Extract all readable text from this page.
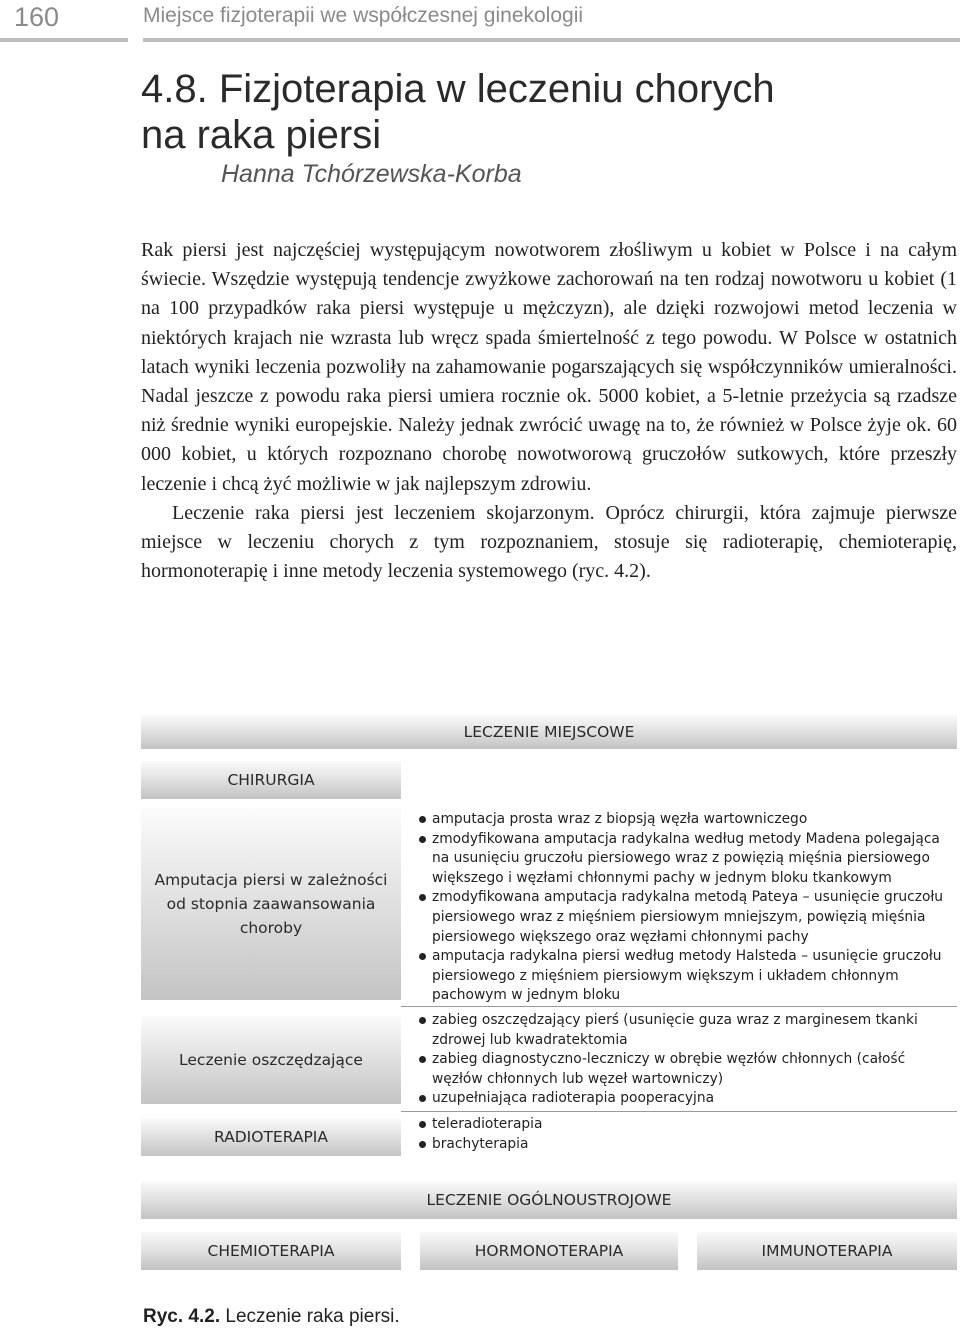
160	Miejsce fizjoterapii we współczesnej ginekologii
4.8. Fizjoterapia w leczeniu chorych
na raka piersi
Hanna Tchórzewska-Korba

Rak piersi jest najczęściej występującym nowotworem złośliwym u kobiet w Polsce i na całym świecie. Wszędzie występują tendencje zwyżkowe zachorowań na ten rodzaj nowotworu u kobiet (1 na 100 przypadków raka piersi występuje u mężczyzn), ale dzięki rozwojowi metod leczenia w niektórych krajach nie wzrasta lub wręcz spada śmiertelność z tego powodu. W Polsce w ostatnich latach wyniki leczenia pozwoliły na zahamowanie pogarszających się współczynników umieralności. Nadal jeszcze z powodu raka piersi umiera rocznie ok. 5000 kobiet, a 5-letnie przeżycia są rzadsze niż średnie wyniki europejskie. Należy jednak zwrócić uwagę na to, że również w Polsce żyje ok. 60 000 kobiet, u których rozpoznano chorobę nowotworową gruczołów sutkowych, które przeszły leczenie i chcą żyć możliwie w jak najlepszym zdrowiu.

Leczenie raka piersi jest leczeniem skojarzonym. Oprócz chirurgii, która zajmuje pierwsze miejsce w leczeniu chorych z tym rozpoznaniem, stosuje się radioterapię, chemioterapię, hormonoterapię i inne metody leczenia systemowego (ryc. 4.2).

LECZENIE MIEJSCOWE
CHIRURGIA
Amputacja piersi w zależności od stopnia zaawansowania choroby
amputacja prosta wraz z biopsją węzła wartowniczego
zmodyfikowana amputacja radykalna według metody Madena polegająca na usunięciu gruczołu piersiowego wraz z powięzią mięśnia piersiowego większego i węzłami chłonnymi pachy w jednym bloku tkankowym
zmodyfikowana amputacja radykalna metodą Pateya – usunięcie gruczołu piersiowego wraz z mięśniem piersiowym mniejszym, powięzią mięśnia piersiowego większego oraz węzłami chłonnymi pachy
amputacja radykalna piersi według metody Halsteda – usunięcie gruczołu piersiowego z mięśniem piersiowym większym i układem chłonnym pachowym w jednym bloku
Leczenie oszczędzające
zabieg oszczędzający pierś (usunięcie guza wraz z marginesem tkanki zdrowej lub kwadratektomia
zabieg diagnostyczno-leczniczy w obrębie węzłów chłonnych (całość węzłów chłonnych lub węzeł wartowniczy)
uzupełniająca radioterapia pooperacyjna
RADIOTERAPIA
teleradioterapia
brachyterapia
LECZENIE OGÓLNOUSTROJOWE
CHEMIOTERAPIA	HORMONOTERAPIA	IMMUNOTERAPIA
Ryc. 4.2. Leczenie raka piersi.
